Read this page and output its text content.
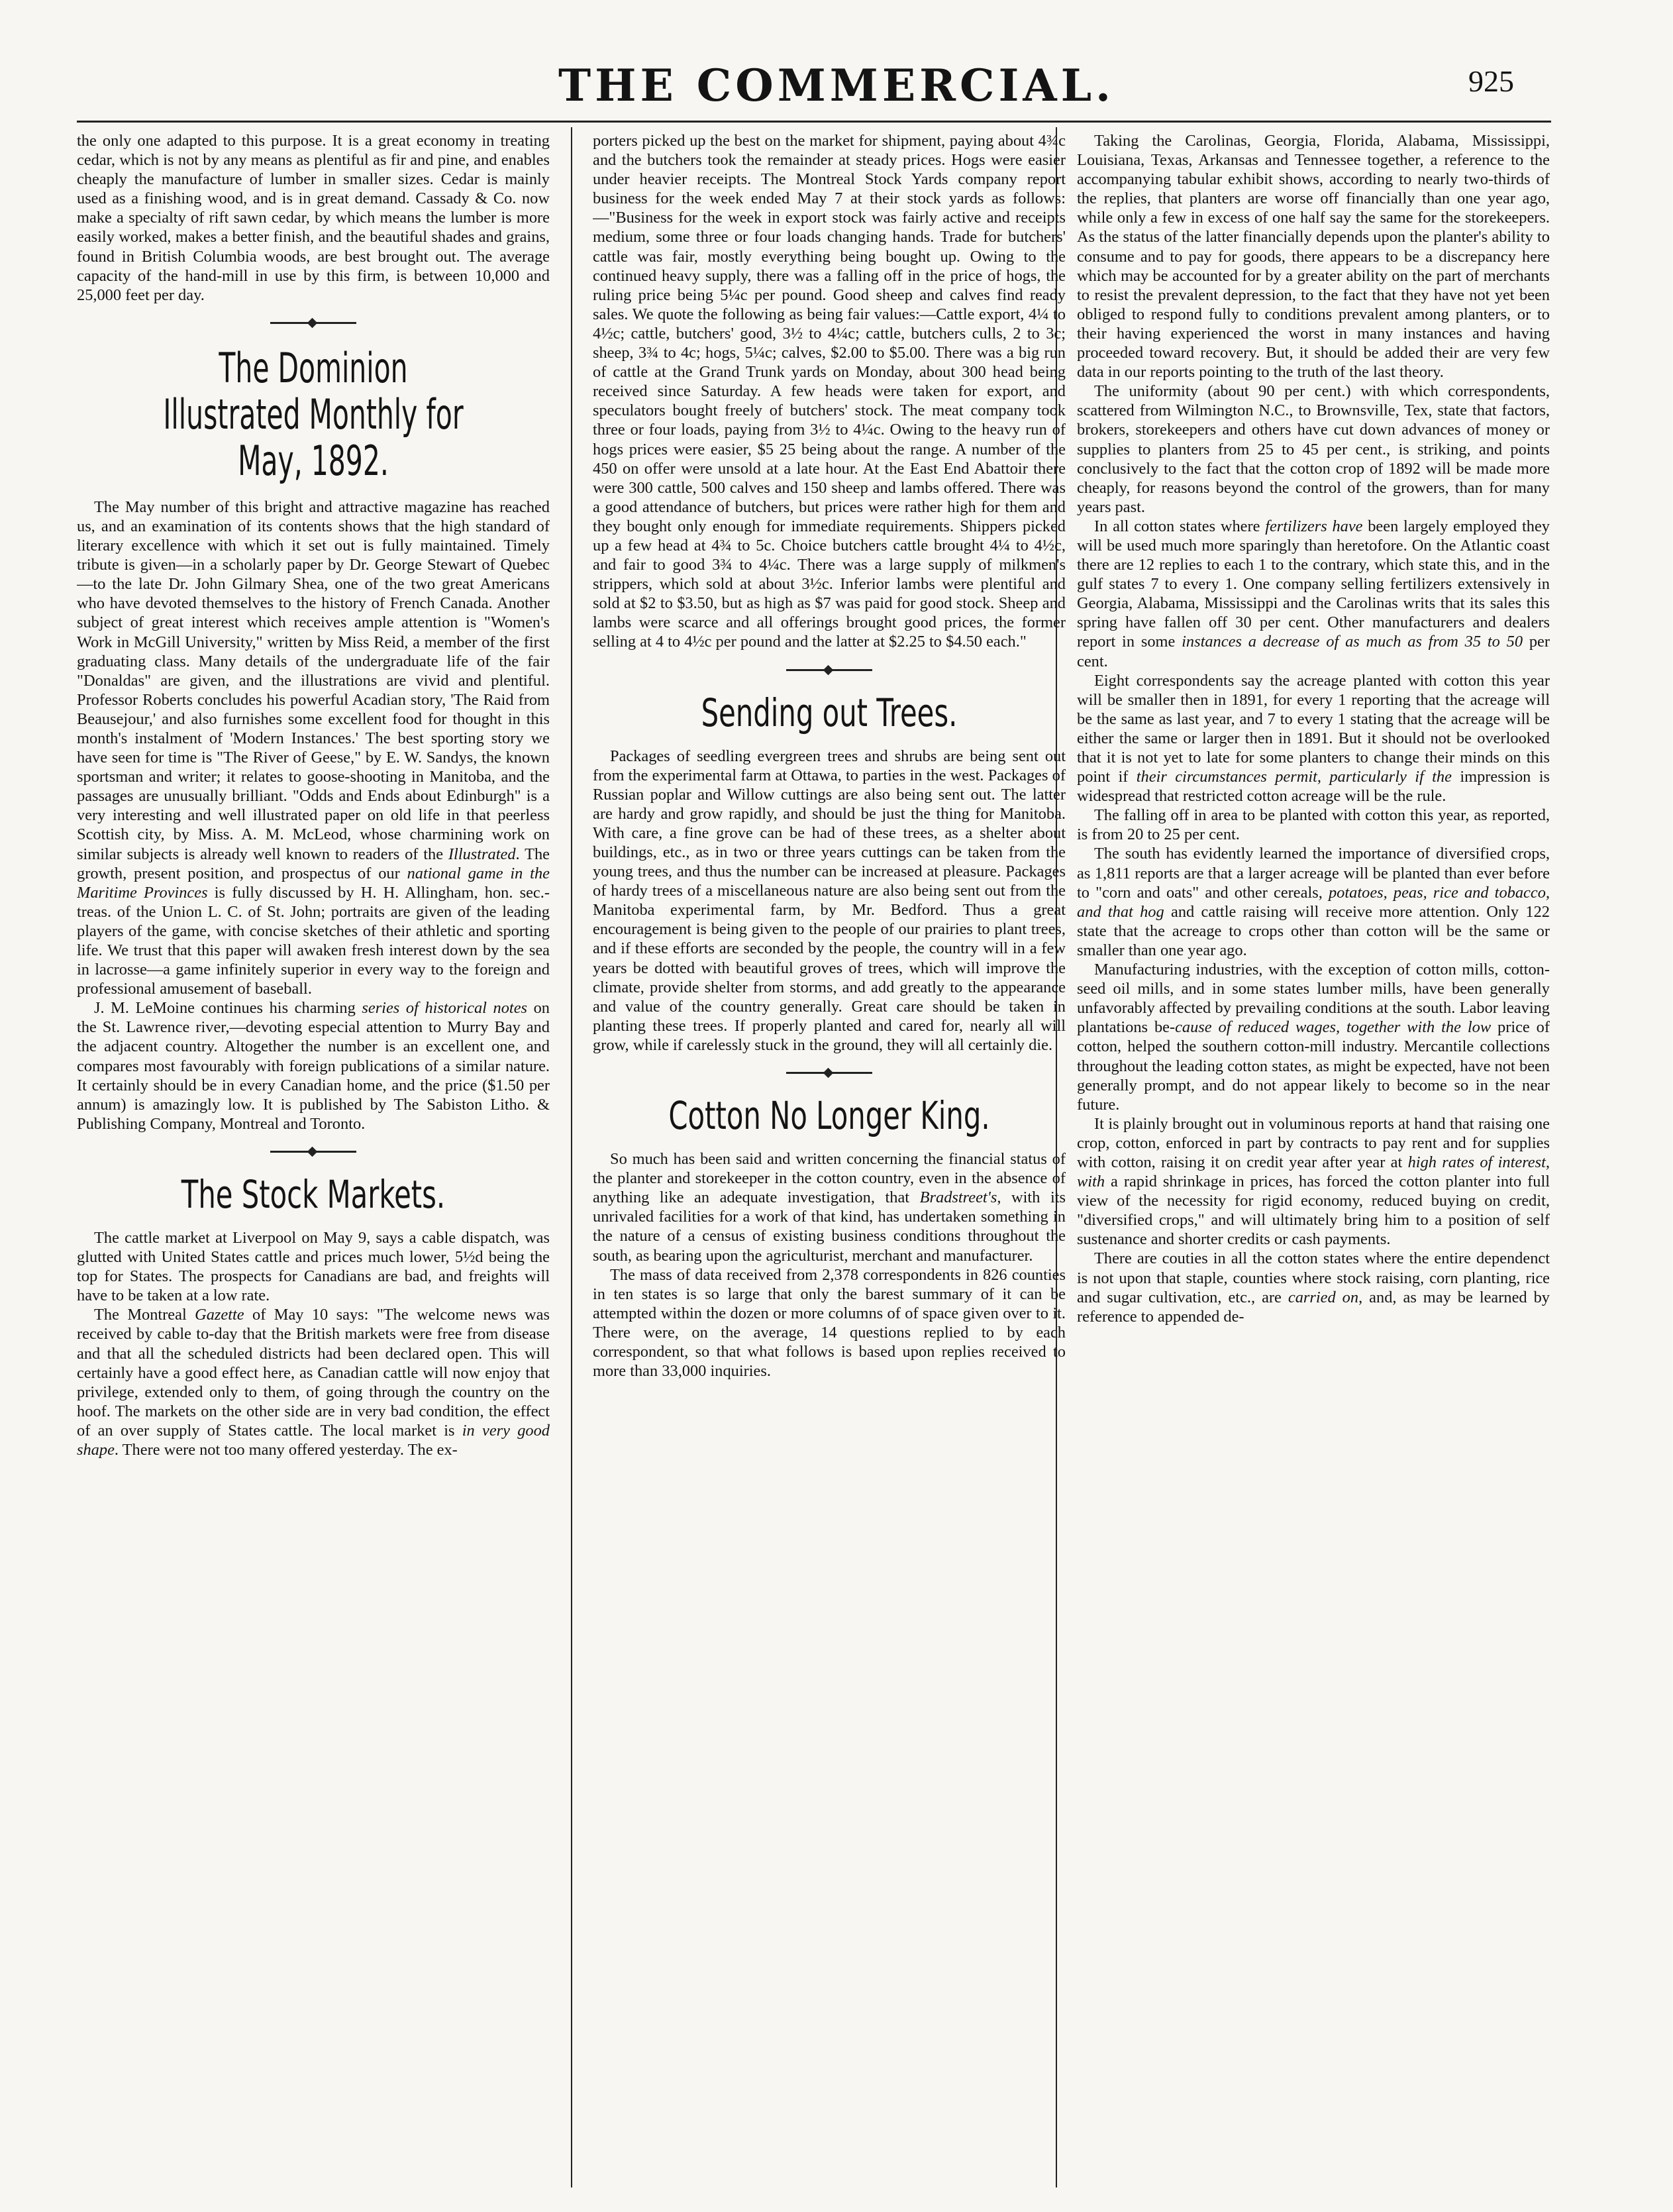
THE COMMERCIAL.	925

the only one adapted to this purpose. It is a great economy in treating cedar, which is not by any means as plentiful as fir and pine, and enables cheaply the manufacture of lumber in smaller sizes. Cedar is mainly used as a finishing wood, and is in great demand. Cassady & Co. now make a specialty of rift sawn cedar, by which means the lumber is more easily worked, makes a better finish, and the beautiful shades and grains, found in British Columbia woods, are best brought out. The average capacity of the hand-mill in use by this firm, is between 10,000 and 25,000 feet per day.

The Dominion Illustrated Monthly for May, 1892.

The May number of this bright and attractive magazine has reached us, and an examination of its contents shows that the high standard of literary excellence with which it set out is fully maintained. Timely tribute is given—in a scholarly paper by Dr. George Stewart of Quebec—to the late Dr. John Gilmary Shea, one of the two great Americans who have devoted themselves to the history of French Canada. Another subject of great interest which receives ample attention is "Women's Work in McGill University," written by Miss Reid, a member of the first graduating class. Many details of the undergraduate life of the fair "Donaldas" are given, and the illustrations are vivid and plentiful. Professor Roberts concludes his powerful Acadian story, 'The Raid from Beausejour,' and also furnishes some excellent food for thought in this month's instalment of 'Modern Instances.' The best sporting story we have seen for time is "The River of Geese," by E. W. Sandys, the known sportsman and writer; it relates to goose-shooting in Manitoba, and the passages are unusually brilliant. "Odds and Ends about Edinburgh" is a very interesting and well illustrated paper on old life in that peerless Scottish city, by Miss. A. M. McLeod, whose charmining work on similar subjects is already well known to readers of the Illustrated. The growth, present position, and prospectus of our national game in the Maritime Provinces is fully discussed by H. H. Allingham, hon. sec.-treas. of the Union L. C. of St. John; portraits are given of the leading players of the game, with concise sketches of their athletic and sporting life. We trust that this paper will awaken fresh interest down by the sea in lacrosse—a game infinitely superior in every way to the foreign and professional amusement of baseball.

J. M. LeMoine continues his charming series of historical notes on the St. Lawrence river,—devoting especial attention to Murry Bay and the adjacent country. Altogether the number is an excellent one, and compares most favourably with foreign publications of a similar nature. It certainly should be in every Canadian home, and the price ($1.50 per annum) is amazingly low. It is published by The Sabiston Litho. & Publishing Company, Montreal and Toronto.

The Stock Markets.

The cattle market at Liverpool on May 9, says a cable dispatch, was glutted with United States cattle and prices much lower, 5½d being the top for States. The prospects for Canadians are bad, and freights will have to be taken at a low rate.

The Montreal Gazette of May 10 says: "The welcome news was received by cable to-day that the British markets were free from disease and that all the scheduled districts had been declared open. This will certainly have a good effect here, as Canadian cattle will now enjoy that privilege, extended only to them, of going through the country on the hoof. The markets on the other side are in very bad condition, the effect of an over supply of States cattle. The local market is in very good shape. There were not too many offered yesterday. The ex-

porters picked up the best on the market for shipment, paying about 4¾c and the butchers took the remainder at steady prices. Hogs were easier under heavier receipts. The Montreal Stock Yards company report business for the week ended May 7 at their stock yards as follows:—"Business for the week in export stock was fairly active and receipts medium, some three or four loads changing hands. Trade for butchers' cattle was fair, mostly everything being bought up. Owing to the continued heavy supply, there was a falling off in the price of hogs, the ruling price being 5¼c per pound. Good sheep and calves find ready sales. We quote the following as being fair values:—Cattle export, 4¼ to 4½c; cattle, butchers' good, 3½ to 4¼c; cattle, butchers culls, 2 to 3c; sheep, 3¾ to 4c; hogs, 5¼c; calves, $2.00 to $5.00. There was a big run of cattle at the Grand Trunk yards on Monday, about 300 head being received since Saturday. A few heads were taken for export, and speculators bought freely of butchers' stock. The meat company took three or four loads, paying from 3½ to 4¼c. Owing to the heavy run of hogs prices were easier, $5 25 being about the range. A number of the 450 on offer were unsold at a late hour. At the East End Abattoir there were 300 cattle, 500 calves and 150 sheep and lambs offered. There was a good attendance of butchers, but prices were rather high for them and they bought only enough for immediate requirements. Shippers picked up a few head at 4¾ to 5c. Choice butchers cattle brought 4¼ to 4½c, and fair to good 3¾ to 4¼c. There was a large supply of milkmen's strippers, which sold at about 3½c. Inferior lambs were plentiful and sold at $2 to $3.50, but as high as $7 was paid for good stock. Sheep and lambs were scarce and all offerings brought good prices, the former selling at 4 to 4½c per pound and the latter at $2.25 to $4.50 each."

Sending out Trees.

Packages of seedling evergreen trees and shrubs are being sent out from the experimental farm at Ottawa, to parties in the west. Packages of Russian poplar and Willow cuttings are also being sent out. The latter are hardy and grow rapidly, and should be just the thing for Manitoba. With care, a fine grove can be had of these trees, as a shelter about buildings, etc., as in two or three years cuttings can be taken from the young trees, and thus the number can be increased at pleasure. Packages of hardy trees of a miscellaneous nature are also being sent out from the Manitoba experimental farm, by Mr. Bedford. Thus a great encouragement is being given to the people of our prairies to plant trees, and if these efforts are seconded by the people, the country will in a few years be dotted with beautiful groves of trees, which will improve the climate, provide shelter from storms, and add greatly to the appearance and value of the country generally. Great care should be taken in planting these trees. If properly planted and cared for, nearly all will grow, while if carelessly stuck in the ground, they will all certainly die.

Cotton No Longer King.

So much has been said and written concerning the financial status of the planter and storekeeper in the cotton country, even in the absence of anything like an adequate investigation, that Bradstreet's, with its unrivaled facilities for a work of that kind, has undertaken something in the nature of a census of existing business conditions throughout the south, as bearing upon the agriculturist, merchant and manufacturer.

The mass of data received from 2,378 correspondents in 826 counties in ten states is so large that only the barest summary of it can be attempted within the dozen or more columns of of space given over to it. There were, on the average, 14 questions replied to by each correspondent, so that what follows is based upon replies received to more than 33,000 inquiries.

Taking the Carolinas, Georgia, Florida, Alabama, Mississippi, Louisiana, Texas, Arkansas and Tennessee together, a reference to the accompanying tabular exhibit shows, according to nearly two-thirds of the replies, that planters are worse off financially than one year ago, while only a few in excess of one half say the same for the storekeepers. As the status of the latter financially depends upon the planter's ability to consume and to pay for goods, there appears to be a discrepancy here which may be accounted for by a greater ability on the part of merchants to resist the prevalent depression, to the fact that they have not yet been obliged to respond fully to conditions prevalent among planters, or to their having experienced the worst in many instances and having proceeded toward recovery. But, it should be added their are very few data in our reports pointing to the truth of the last theory.

The uniformity (about 90 per cent.) with which correspondents, scattered from Wilmington N.C., to Brownsville, Tex, state that factors, brokers, storekeepers and others have cut down advances of money or supplies to planters from 25 to 45 per cent., is striking, and points conclusively to the fact that the cotton crop of 1892 will be made more cheaply, for reasons beyond the control of the growers, than for many years past.

In all cotton states where fertilizers have been largely employed they will be used much more sparingly than heretofore. On the Atlantic coast there are 12 replies to each 1 to the contrary, which state this, and in the gulf states 7 to every 1. One company selling fertilizers extensively in Georgia, Alabama, Mississippi and the Carolinas writs that its sales this spring have fallen off 30 per cent. Other manufacturers and dealers report in some instances a decrease of as much as from 35 to 50 per cent.

Eight correspondents say the acreage planted with cotton this year will be smaller then in 1891, for every 1 reporting that the acreage will be the same as last year, and 7 to every 1 stating that the acreage will be either the same or larger then in 1891. But it should not be overlooked that it is not yet to late for some planters to change their minds on this point if their circumstances permit, particularly if the impression is widespread that restricted cotton acreage will be the rule.

The falling off in area to be planted with cotton this year, as reported, is from 20 to 25 per cent.

The south has evidently learned the importance of diversified crops, as 1,811 reports are that a larger acreage will be planted than ever before to "corn and oats" and other cereals, potatoes, peas, rice and tobacco, and that hog and cattle raising will receive more attention. Only 122 state that the acreage to crops other than cotton will be the same or smaller than one year ago.

Manufacturing industries, with the exception of cotton mills, cotton-seed oil mills, and in some states lumber mills, have been generally unfavorably affected by prevailing conditions at the south. Labor leaving plantations be-cause of reduced wages, together with the low price of cotton, helped the southern cotton-mill industry. Mercantile collections throughout the leading cotton states, as might be expected, have not been generally prompt, and do not appear likely to become so in the near future.

It is plainly brought out in voluminous reports at hand that raising one crop, cotton, enforced in part by contracts to pay rent and for supplies with cotton, raising it on credit year after year at high rates of interest, with a rapid shrinkage in prices, has forced the cotton planter into full view of the necessity for rigid economy, reduced buying on credit, "diversified crops," and will ultimately bring him to a position of self sustenance and shorter credits or cash payments.

There are couties in all the cotton states where the entire dependenct is not upon that staple, counties where stock raising, corn planting, rice and sugar cultivation, etc., are carried on, and, as may be learned by reference to appended de-
